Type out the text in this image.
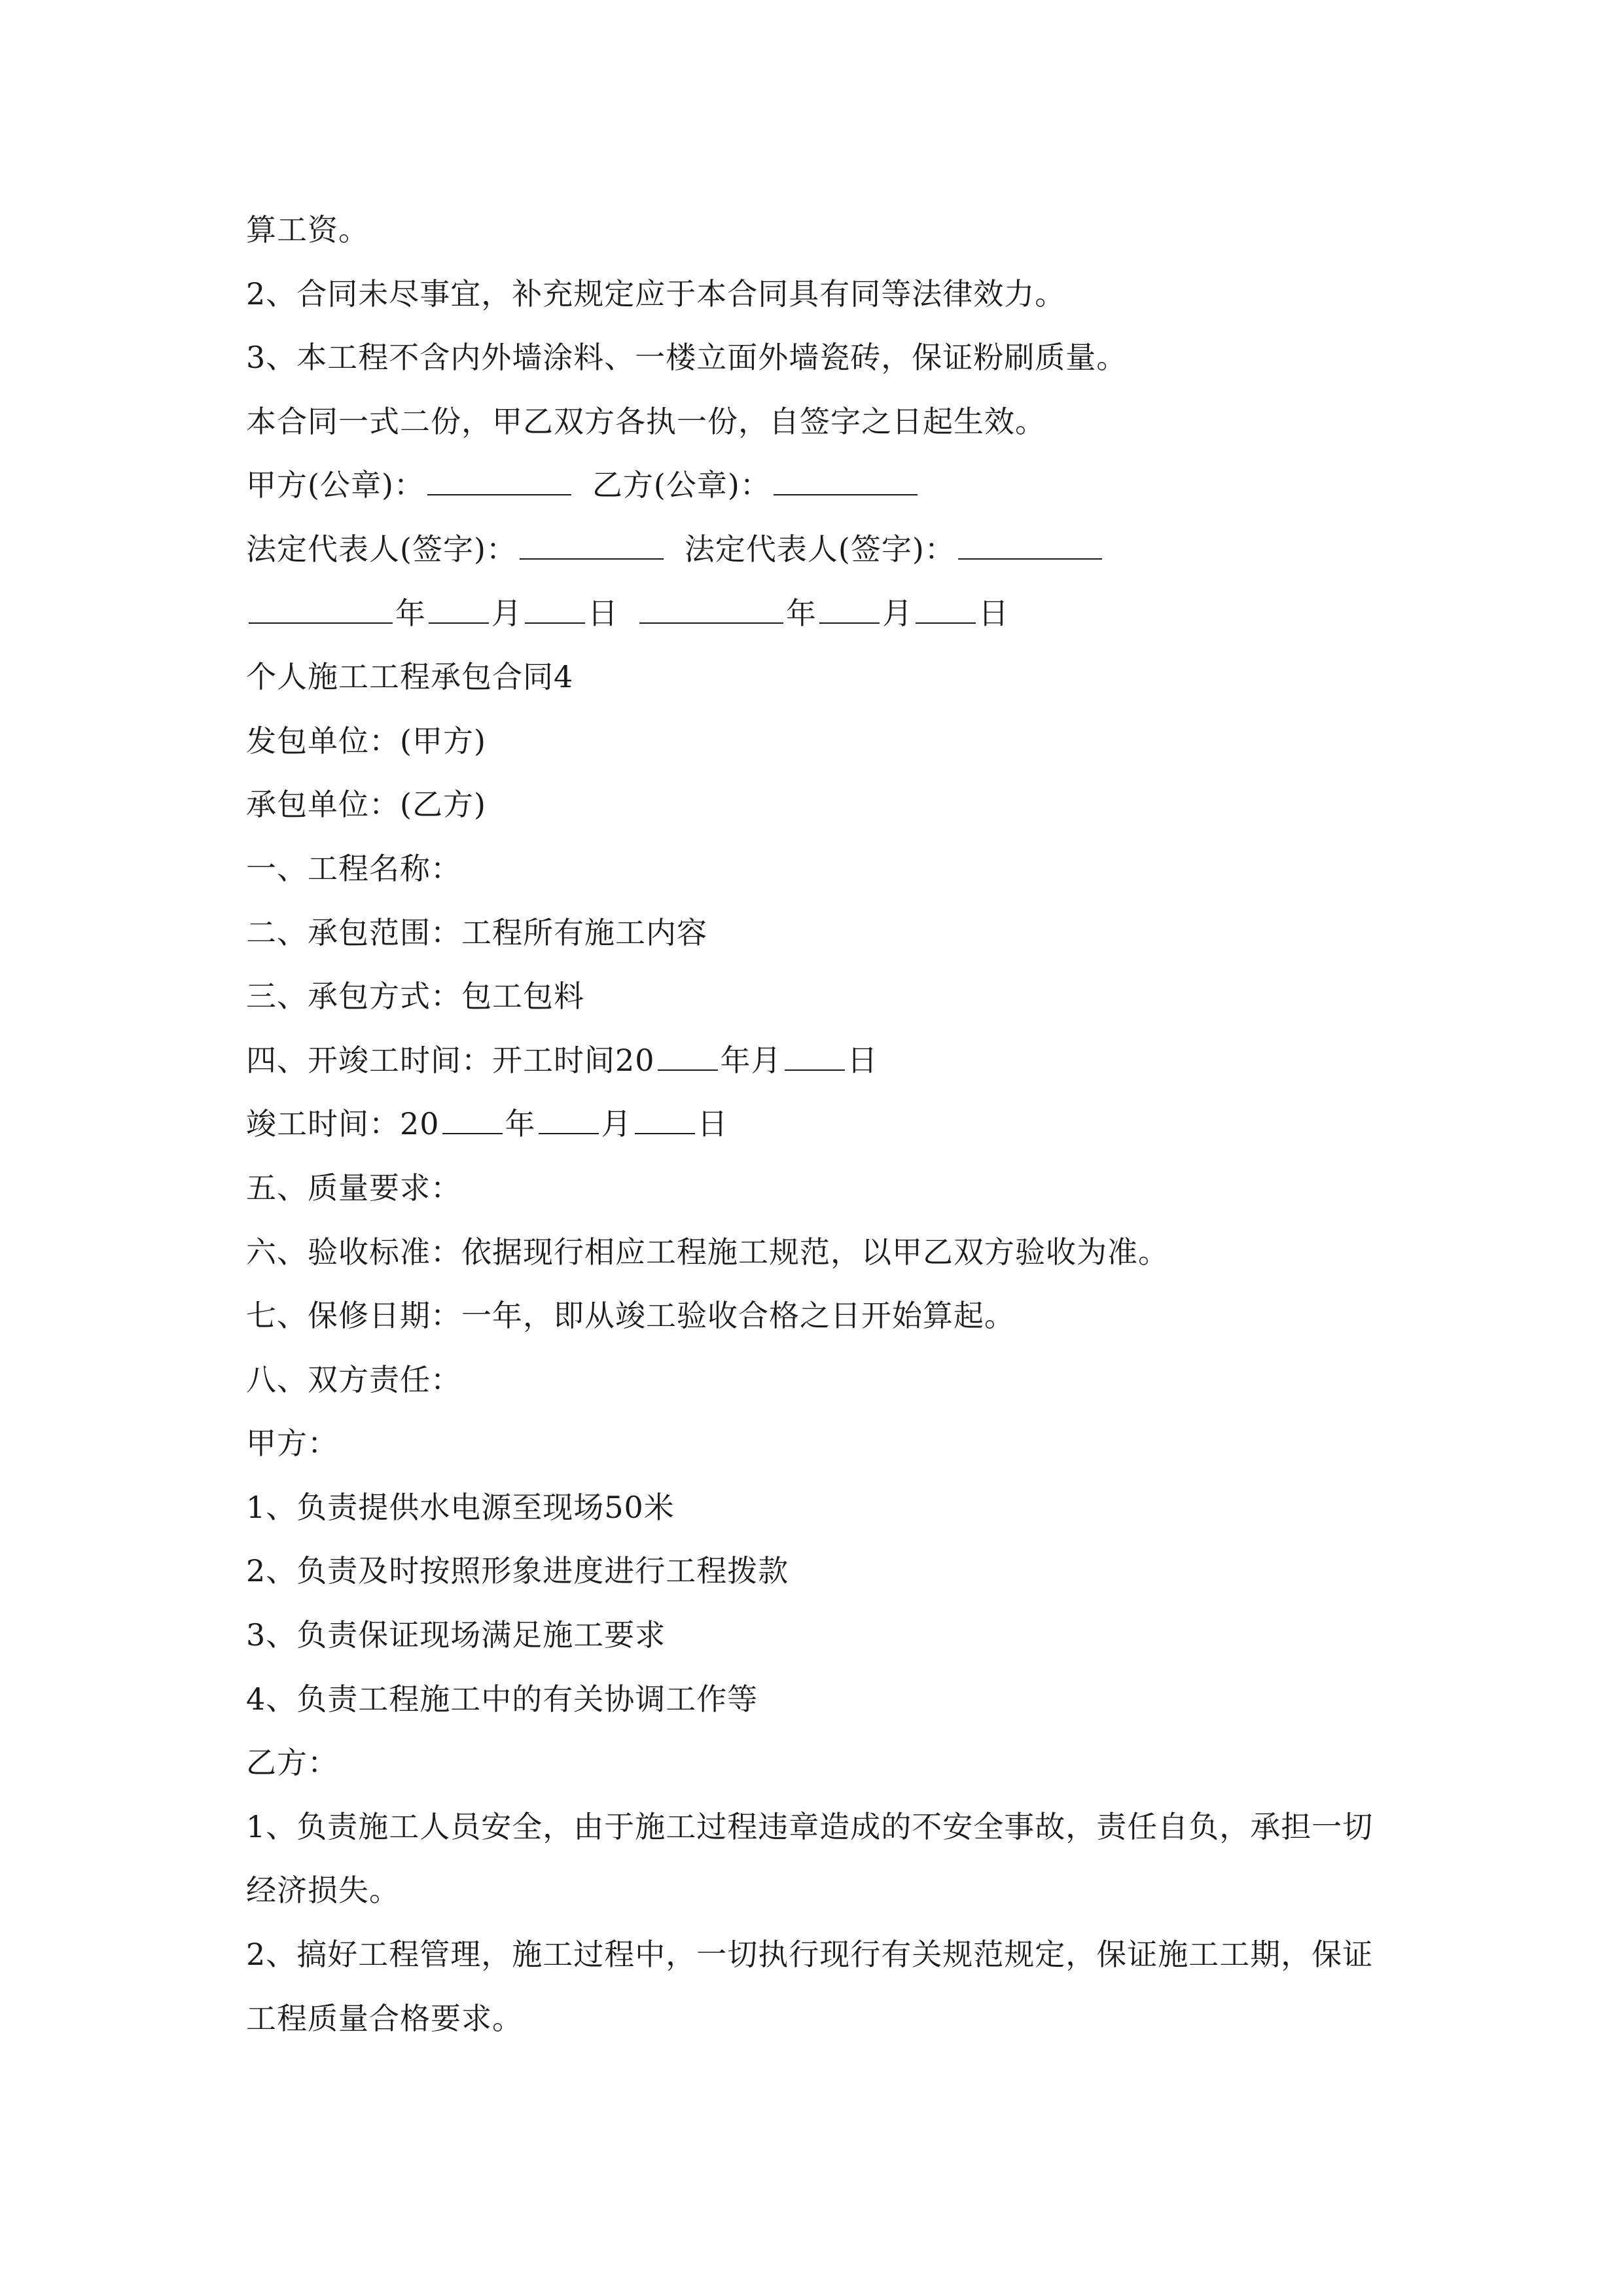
算工资。
2、合同未尽事宜，补充规定应于本合同具有同等法律效力。
3、本工程不含内外墙涂料、一楼立面外墙瓷砖，保证粉刷质量。
本合同一式二份，甲乙双方各执一份，自签字之日起生效。
甲方(公章)：	乙方(公章)：
法定代表人(签字)：	法定代表人(签字)：
年 月 日	年 月 日
个人施工工程承包合同4
发包单位：(甲方)
承包单位：(乙方)
一、工程名称：
二、承包范围：工程所有施工内容
三、承包方式：包工包料
四、开竣工时间：开工时间20 年月 日
竣工时间：20 年 月 日
五、质量要求：
六、验收标准：依据现行相应工程施工规范，以甲乙双方验收为准。
七、保修日期：一年，即从竣工验收合格之日开始算起。
八、双方责任：
甲方：
1、负责提供水电源至现场50米
2、负责及时按照形象进度进行工程拨款
3、负责保证现场满足施工要求
4、负责工程施工中的有关协调工作等
乙方：
1、负责施工人员安全，由于施工过程违章造成的不安全事故，责任自负，承担一切经济损失。
2、搞好工程管理，施工过程中，一切执行现行有关规范规定，保证施工工期，保证工程质量合格要求。
